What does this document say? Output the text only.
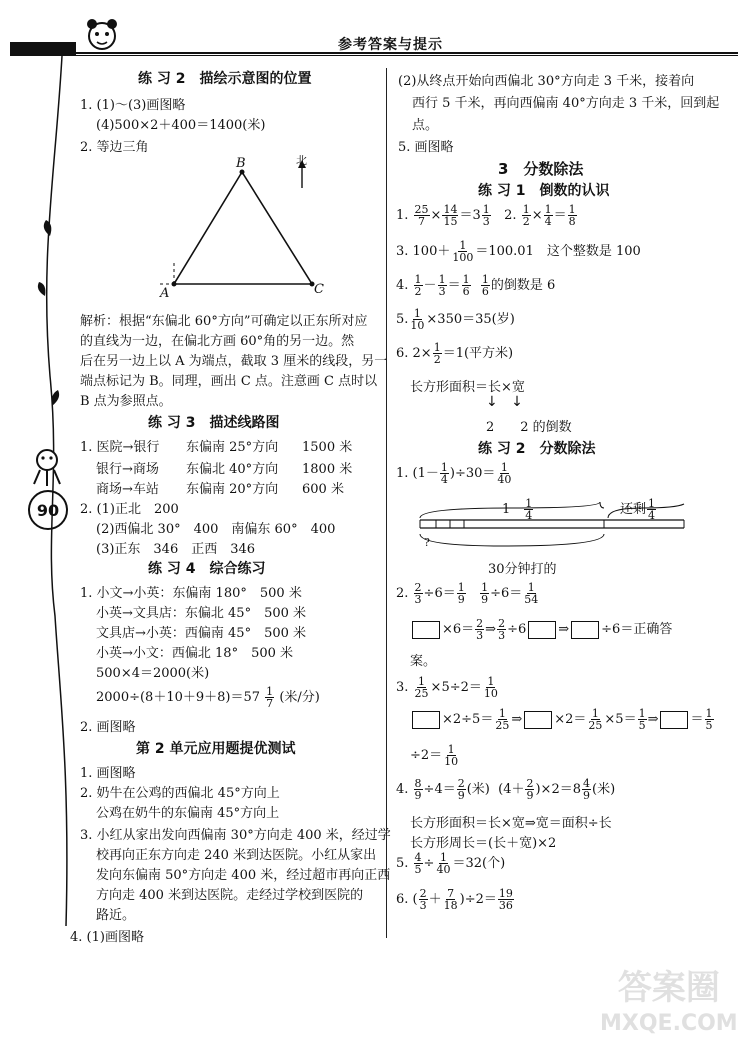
参考答案与提示
90
练 习 2　描绘示意图的位置
1. (1)～(3)画图略
(4)500×2＋400＝1400(米)
2. 等边三角
B
A	C
北
解析：根据“东偏北 60°方向”可确定以正东所对应
的直线为一边，在偏北方画 60°角的另一边。然
后在另一边上以 A 为端点，截取 3 厘米的线段，另一
端点标记为 B。同理，画出 C 点。注意画 C 点时以
B 点为参照点。
练 习 3　描述线路图
1. 医院→银行 东偏南 25°方向 1500 米
银行→商场 东偏北 40°方向 1800 米
商场→车站 东偏南 20°方向 600 米
2. (1)正北　200
(2)西偏北 30°　400　南偏东 60°　400
(3)正东　346　正西　346
练 习 4　综合练习
1. 小文→小英：东偏南 180°　500 米
小英→文具店：东偏北 45°　500 米
文具店→小英：西偏南 45°　500 米
小英→小文：西偏北 18°　500 米
500×4＝2000(米)
$2000\div(8+10+9+8)=57 \frac{1}{7}$ (米/分)
2. 画图略
第 2 单元应用题提优测试
1. 画图略
2. 奶牛在公鸡的西偏北 45°方向上
公鸡在奶牛的东偏南 45°方向上
3. 小红从家出发向西偏南 30°方向走 400 米，经过学
校再向正东方向走 240 米到达医院。小红从家出
发向东偏南 50°方向走 400 米，经过超市再向正西
方向走 400 米到达医院。走经过学校到医院的
路近。
4. (1)画图略
(2)从终点开始向西偏北 30°方向走 3 千米，接着向
西行 5 千米，再向西偏南 40°方向走 3 千米，回到起
点。
5. 画图略
3　分数除法
练 习 1　倒数的认识
1. $\frac{25}{7} \times \frac{14}{15} =3 \frac{1}{3} 2$. $\frac{1}{2} \times \frac{1}{4} = \frac{1}{8}$
3. $100+ \frac{1}{100} =100.01$　这个整数是 100
4. $\frac{1}{2} - \frac{1}{3} = \frac{1}{6}$
$\frac{1}{6}$ 的倒数是 6
5. $\frac{1}{10} \times 350=35$(岁)
6. $2\times \frac{1}{2} =1$(平方米)
长方形面积＝长×宽
↓   ↓
2　　2 的倒数
练 习 2　分数除法
1. $(1- \frac{1}{4} )\div 30= \frac{1}{40}$
$1- \frac{1}{4}$	还剩 $\frac{1}{4}$
?
30分钟打的
2. $\frac{2}{3} \div 6= \frac{1}{9}$
$\frac{1}{9} \div 6= \frac{1}{54}$
$\times 6= \frac{2}{3}$ ⇒ $\frac{2}{3} \div 6$ ⇒ ÷6＝正确答
案。
3. $\frac{1}{25} \times 5\div 2= \frac{1}{10}$
$\times 2\div 5= \frac{1}{25}$ ⇒ $\times 2= \frac{1}{25} \times 5= \frac{1}{5}$ ⇒ ＝ $\frac{1}{5}$
$\div 2= \frac{1}{10}$
4. $\frac{8}{9} \div 4= \frac{2}{9}$ (米)  $(4+ \frac{2}{9} )\times 2=8 \frac{4}{9}$ (米)
长方形面积＝长×宽⇒宽＝面积÷长
长方形周长＝(长＋宽)×2
5. $\frac{4}{5} \div \frac{1}{40} =32$(个)
6. ( $\frac{2}{3} + \frac{7}{18} )\div 2= \frac{19}{36}$
答案圈
MXQE.COM
